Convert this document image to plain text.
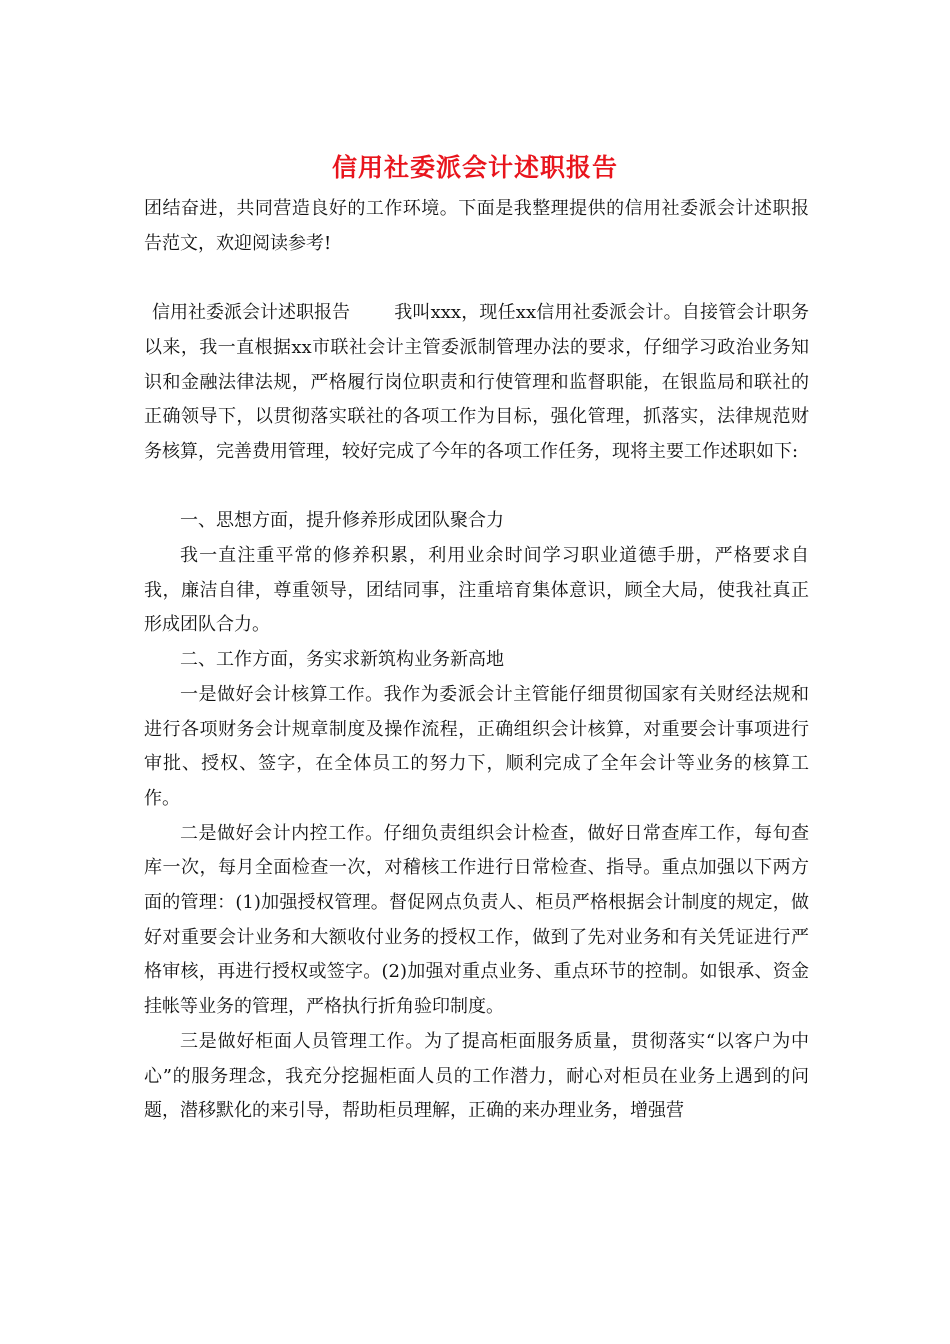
信用社委派会计述职报告

团结奋进，共同营造良好的工作环境。下面是我整理提供的信用社委派会计述职报告范文，欢迎阅读参考!

信用社委派会计述职报告 我叫xxx，现任xx信用社委派会计。自接管会计职务以来，我一直根据xx市联社会计主管委派制管理办法的要求，仔细学习政治业务知识和金融法律法规，严格履行岗位职责和行使管理和监督职能，在银监局和联社的正确领导下，以贯彻落实联社的各项工作为目标，强化管理，抓落实，法律规范财务核算，完善费用管理，较好完成了今年的各项工作任务，现将主要工作述职如下:

一、思想方面，提升修养形成团队聚合力

我一直注重平常的修养积累，利用业余时间学习职业道德手册，严格要求自我，廉洁自律，尊重领导，团结同事，注重培育集体意识，顾全大局，使我社真正形成团队合力。

二、工作方面，务实求新筑构业务新高地

一是做好会计核算工作。我作为委派会计主管能仔细贯彻国家有关财经法规和进行各项财务会计规章制度及操作流程，正确组织会计核算，对重要会计事项进行审批、授权、签字，在全体员工的努力下，顺利完成了全年会计等业务的核算工作。

二是做好会计内控工作。仔细负责组织会计检查，做好日常查库工作，每旬查库一次，每月全面检查一次，对稽核工作进行日常检查、指导。重点加强以下两方面的管理：(1)加强授权管理。督促网点负责人、柜员严格根据会计制度的规定，做好对重要会计业务和大额收付业务的授权工作，做到了先对业务和有关凭证进行严格审核，再进行授权或签字。(2)加强对重点业务、重点环节的控制。如银承、资金挂帐等业务的管理，严格执行折角验印制度。

三是做好柜面人员管理工作。为了提高柜面服务质量，贯彻落实“以客户为中心”的服务理念，我充分挖掘柜面人员的工作潜力，耐心对柜员在业务上遇到的问题，潜移默化的来引导，帮助柜员理解，正确的来办理业务，增强营
